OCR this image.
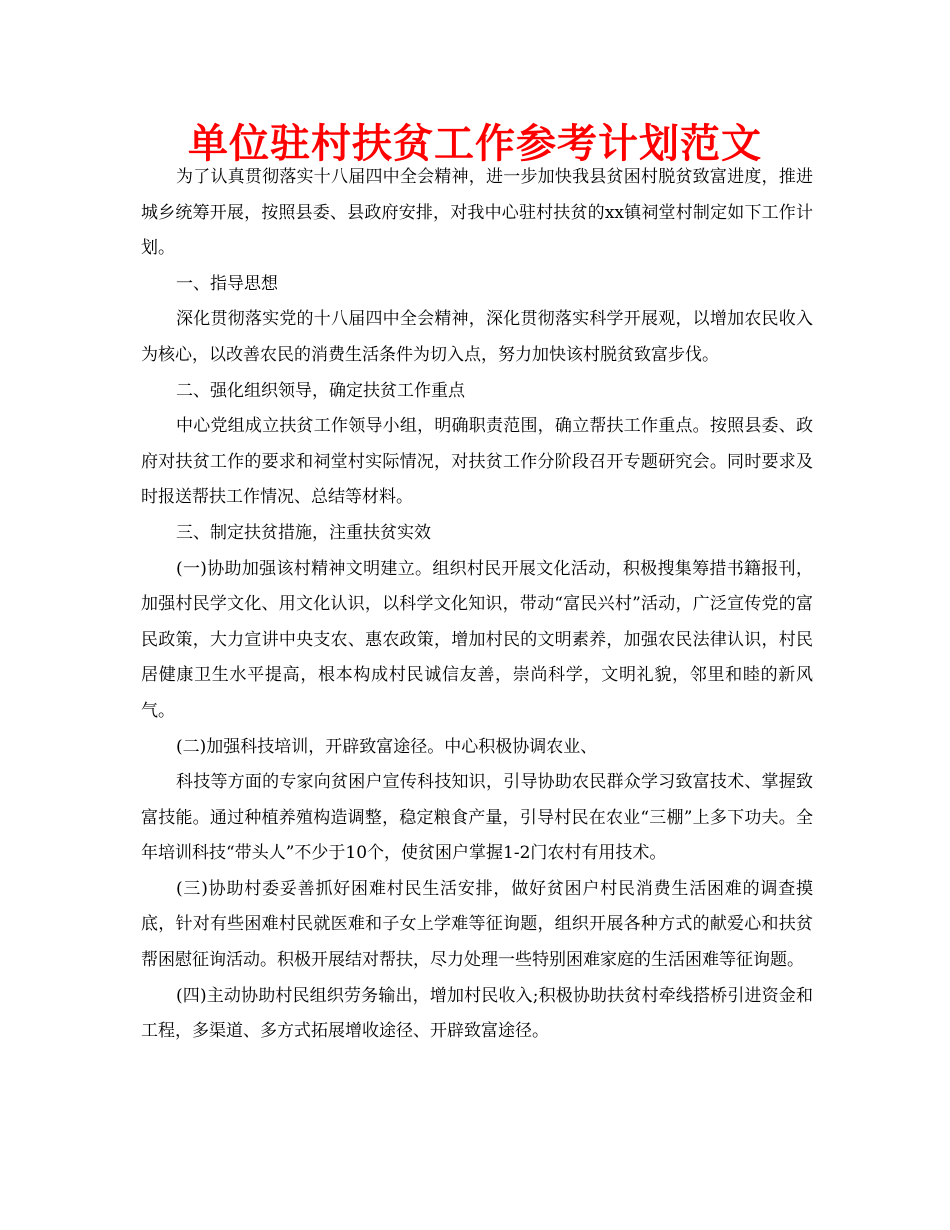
单位驻村扶贫工作参考计划范文

为了认真贯彻落实十八届四中全会精神，进一步加快我县贫困村脱贫致富进度，推进城乡统筹开展，按照县委、县政府安排，对我中心驻村扶贫的xx镇祠堂村制定如下工作计划。

一、指导思想

深化贯彻落实党的十八届四中全会精神，深化贯彻落实科学开展观，以增加农民收入为核心，以改善农民的消费生活条件为切入点，努力加快该村脱贫致富步伐。

二、强化组织领导，确定扶贫工作重点

中心党组成立扶贫工作领导小组，明确职责范围，确立帮扶工作重点。按照县委、政府对扶贫工作的要求和祠堂村实际情况，对扶贫工作分阶段召开专题研究会。同时要求及时报送帮扶工作情况、总结等材料。

三、制定扶贫措施，注重扶贫实效

(一)协助加强该村精神文明建立。组织村民开展文化活动，积极搜集筹措书籍报刊，加强村民学文化、用文化认识，以科学文化知识，带动“富民兴村”活动，广泛宣传党的富民政策，大力宣讲中央支农、惠农政策，增加村民的文明素养，加强农民法律认识，村民居健康卫生水平提高，根本构成村民诚信友善，崇尚科学，文明礼貌，邻里和睦的新风气。

(二)加强科技培训，开辟致富途径。中心积极协调农业、

科技等方面的专家向贫困户宣传科技知识，引导协助农民群众学习致富技术、掌握致富技能。通过种植养殖构造调整，稳定粮食产量，引导村民在农业“三棚”上多下功夫。全年培训科技“带头人”不少于10个，使贫困户掌握1-2门农村有用技术。

(三)协助村委妥善抓好困难村民生活安排，做好贫困户村民消费生活困难的调查摸底，针对有些困难村民就医难和子女上学难等征询题，组织开展各种方式的献爱心和扶贫帮困慰征询活动。积极开展结对帮扶，尽力处理一些特别困难家庭的生活困难等征询题。

(四)主动协助村民组织劳务输出，增加村民收入;积极协助扶贫村牵线搭桥引进资金和工程，多渠道、多方式拓展增收途径、开辟致富途径。
